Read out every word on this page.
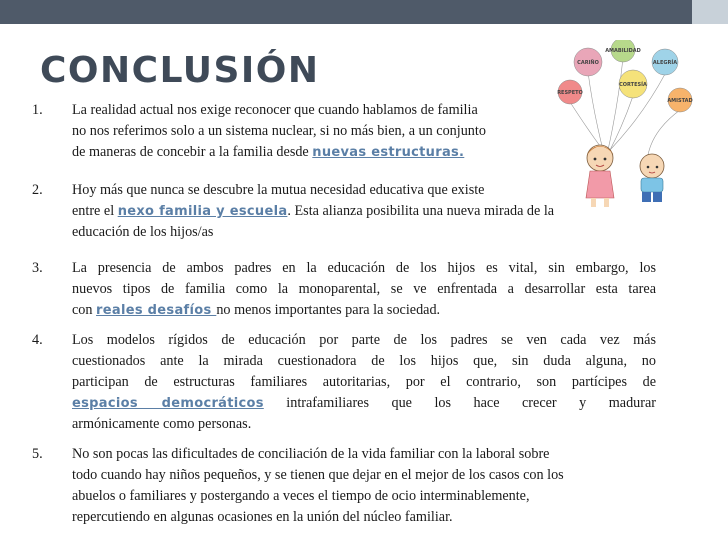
CONCLUSIÓN
1. La realidad actual nos exige reconocer que cuando hablamos de familia
no nos referimos solo a un sistema nuclear, si no más bien, a un conjunto
de maneras de concebir a la familia desde nuevas estructuras.
2. Hoy más que nunca se descubre la mutua necesidad educativa que existe
entre el nexo familia y escuela. Esta alianza posibilita una nueva mirada de la
educación de los hijos/as
3. La presencia de ambos padres en la educación de los hijos es vital, sin embargo, los
nuevos tipos de familia como la monoparental, se ve enfrentada a desarrollar esta tarea
con reales desafíos no menos importantes para la sociedad.
4. Los modelos rígidos de educación por parte de los padres se ven cada vez más
cuestionados ante la mirada cuestionadora de los hijos que, sin duda alguna, no
participan de estructuras familiares autoritarias, por el contrario, son partícipes de
espacios democráticos intrafamiliares que los hace crecer y madurar
armónicamente como personas.
5. No son pocas las dificultades de conciliación de la vida familiar con la laboral sobre
todo cuando hay niños pequeños, y se tienen que dejar en el mejor de los casos con los
abuelos o familiares y postergando a veces el tiempo de ocio interminablemente,
repercutiendo en algunas ocasiones en la unión del núcleo familiar.
CARIÑO
AMABILIDAD
ALEGRÍA
RESPETO
CORTESÍA
AMISTAD
